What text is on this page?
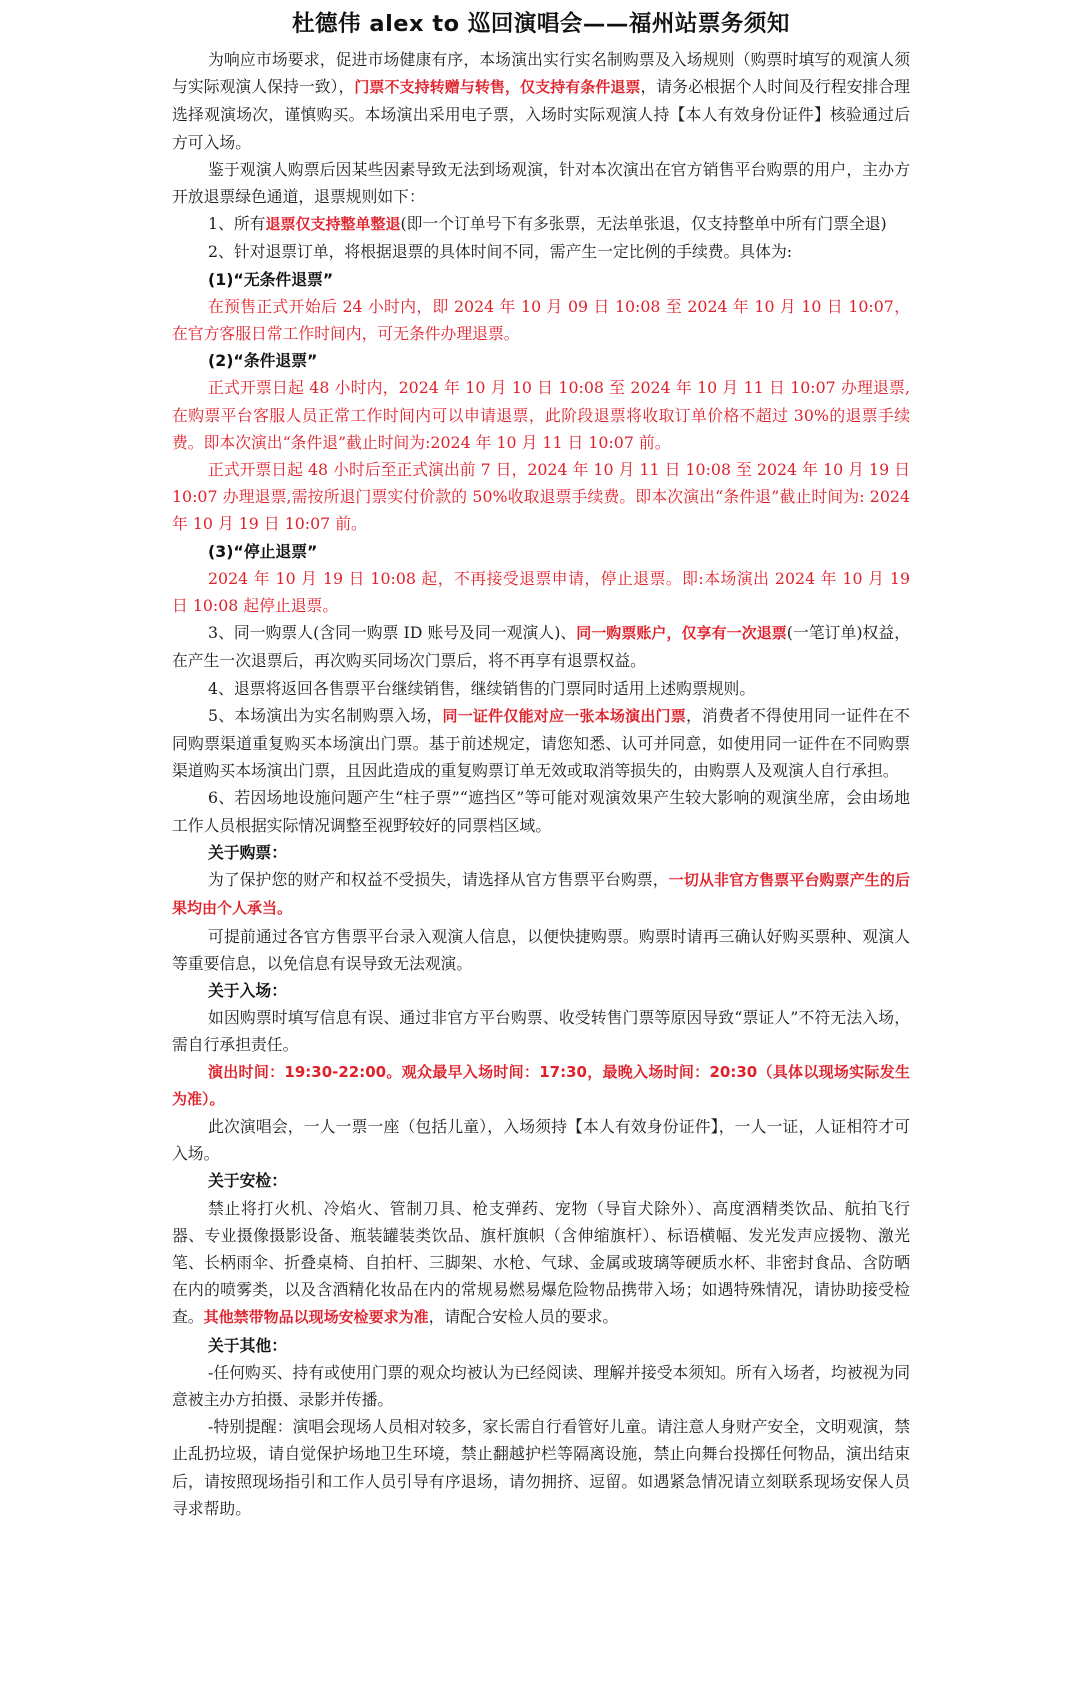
杜德伟 alex to 巡回演唱会——福州站票务须知

为响应市场要求，促进市场健康有序，本场演出实行实名制购票及入场规则（购票时填写的观演人须与实际观演人保持一致），门票不支持转赠与转售，仅支持有条件退票，请务必根据个人时间及行程安排合理选择观演场次，谨慎购买。本场演出采用电子票，入场时实际观演人持【本人有效身份证件】核验通过后方可入场。

鉴于观演人购票后因某些因素导致无法到场观演，针对本次演出在官方销售平台购票的用户，主办方开放退票绿色通道，退票规则如下：

1、所有退票仅支持整单整退(即一个订单号下有多张票，无法单张退，仅支持整单中所有门票全退)

2、针对退票订单，将根据退票的具体时间不同，需产生一定比例的手续费。具体为:

(1)“无条件退票”

在预售正式开始后 24 小时内，即 2024 年 10 月 09 日 10:08 至 2024 年 10 月 10 日 10:07，在官方客服日常工作时间内，可无条件办理退票。

(2)“条件退票”

正式开票日起 48 小时内，2024 年 10 月 10 日 10:08 至 2024 年 10 月 11 日 10:07 办理退票,在购票平台客服人员正常工作时间内可以申请退票，此阶段退票将收取订单价格不超过 30%的退票手续费。即本次演出“条件退”截止时间为:2024 年 10 月 11 日 10:07 前。

正式开票日起 48 小时后至正式演出前 7 日，2024 年 10 月 11 日 10:08 至 2024 年 10 月 19 日 10:07 办理退票,需按所退门票实付价款的 50%收取退票手续费。即本次演出“条件退”截止时间为: 2024 年 10 月 19 日 10:07 前。

(3)“停止退票”

2024 年 10 月 19 日 10:08 起，不再接受退票申请，停止退票。即:本场演出 2024 年 10 月 19 日 10:08 起停止退票。

3、同一购票人(含同一购票 ID 账号及同一观演人)、同一购票账户，仅享有一次退票(一笔订单)权益，在产生一次退票后，再次购买同场次门票后，将不再享有退票权益。

4、退票将返回各售票平台继续销售，继续销售的门票同时适用上述购票规则。

5、本场演出为实名制购票入场，同一证件仅能对应一张本场演出门票，消费者不得使用同一证件在不同购票渠道重复购买本场演出门票。基于前述规定，请您知悉、认可并同意，如使用同一证件在不同购票渠道购买本场演出门票，且因此造成的重复购票订单无效或取消等损失的，由购票人及观演人自行承担。

6、若因场地设施问题产生“柱子票”“遮挡区”等可能对观演效果产生较大影响的观演坐席，会由场地工作人员根据实际情况调整至视野较好的同票档区域。

关于购票：

为了保护您的财产和权益不受损失，请选择从官方售票平台购票，一切从非官方售票平台购票产生的后果均由个人承当。

可提前通过各官方售票平台录入观演人信息，以便快捷购票。购票时请再三确认好购买票种、观演人等重要信息，以免信息有误导致无法观演。

关于入场：

如因购票时填写信息有误、通过非官方平台购票、收受转售门票等原因导致“票证人”不符无法入场，需自行承担责任。

演出时间：19:30-22:00。观众最早入场时间：17:30，最晚入场时间：20:30（具体以现场实际发生为准）。

此次演唱会，一人一票一座（包括儿童），入场须持【本人有效身份证件】，一人一证，人证相符才可入场。

关于安检：

禁止将打火机、冷焰火、管制刀具、枪支弹药、宠物（导盲犬除外）、高度酒精类饮品、航拍飞行器、专业摄像摄影设备、瓶装罐装类饮品、旗杆旗帜（含伸缩旗杆）、标语横幅、发光发声应援物、激光笔、长柄雨伞、折叠桌椅、自拍杆、三脚架、水枪、气球、金属或玻璃等硬质水杯、非密封食品、含防晒在内的喷雾类，以及含酒精化妆品在内的常规易燃易爆危险物品携带入场；如遇特殊情况，请协助接受检查。其他禁带物品以现场安检要求为准，请配合安检人员的要求。

关于其他：

-任何购买、持有或使用门票的观众均被认为已经阅读、理解并接受本须知。所有入场者，均被视为同意被主办方拍摄、录影并传播。

-特别提醒：演唱会现场人员相对较多，家长需自行看管好儿童。请注意人身财产安全，文明观演，禁止乱扔垃圾，请自觉保护场地卫生环境，禁止翻越护栏等隔离设施，禁止向舞台投掷任何物品，演出结束后，请按照现场指引和工作人员引导有序退场，请勿拥挤、逗留。如遇紧急情况请立刻联系现场安保人员寻求帮助。
